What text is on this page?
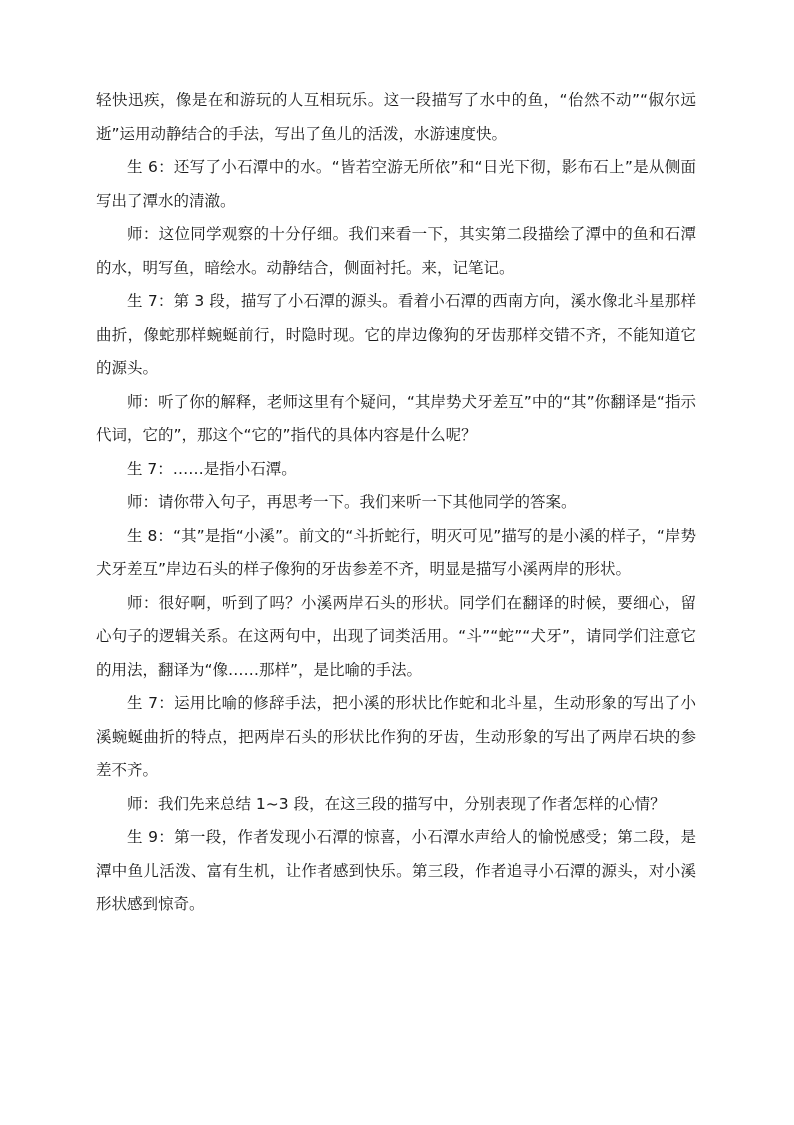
轻快迅疾，像是在和游玩的人互相玩乐。这一段描写了水中的鱼，“佁然不动”“俶尔远逝”运用动静结合的手法，写出了鱼儿的活泼，水游速度快。

生 6：还写了小石潭中的水。“皆若空游无所依”和“日光下彻，影布石上”是从侧面写出了潭水的清澈。

师：这位同学观察的十分仔细。我们来看一下，其实第二段描绘了潭中的鱼和石潭的水，明写鱼，暗绘水。动静结合，侧面衬托。来，记笔记。

生 7：第 3 段，描写了小石潭的源头。看着小石潭的西南方向，溪水像北斗星那样曲折，像蛇那样蜿蜒前行，时隐时现。它的岸边像狗的牙齿那样交错不齐，不能知道它的源头。

师：听了你的解释，老师这里有个疑问，“其岸势犬牙差互”中的“其”你翻译是“指示代词，它的”，那这个“它的”指代的具体内容是什么呢？

生 7：……是指小石潭。

师：请你带入句子，再思考一下。我们来听一下其他同学的答案。

生 8：“其”是指“小溪”。前文的“斗折蛇行，明灭可见”描写的是小溪的样子，“岸势犬牙差互”岸边石头的样子像狗的牙齿参差不齐，明显是描写小溪两岸的形状。

师：很好啊，听到了吗？小溪两岸石头的形状。同学们在翻译的时候，要细心，留心句子的逻辑关系。在这两句中，出现了词类活用。“斗”“蛇”“犬牙”，请同学们注意它的用法，翻译为“像……那样”，是比喻的手法。

生 7：运用比喻的修辞手法，把小溪的形状比作蛇和北斗星，生动形象的写出了小溪蜿蜒曲折的特点，把两岸石头的形状比作狗的牙齿，生动形象的写出了两岸石块的参差不齐。

师：我们先来总结 1~3 段，在这三段的描写中，分别表现了作者怎样的心情？

生 9：第一段，作者发现小石潭的惊喜，小石潭水声给人的愉悦感受；第二段，是潭中鱼儿活泼、富有生机，让作者感到快乐。第三段，作者追寻小石潭的源头，对小溪形状感到惊奇。
